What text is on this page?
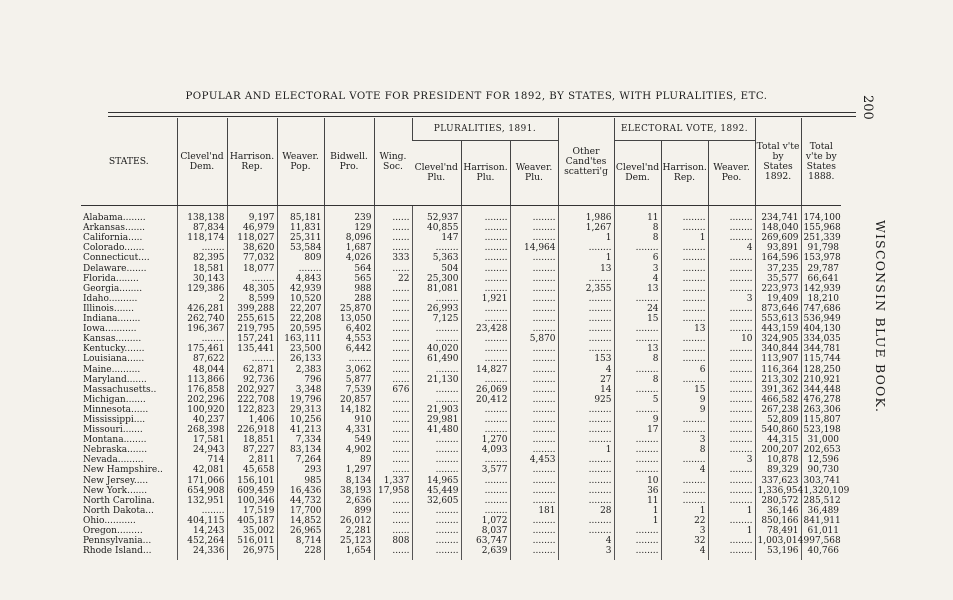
POPULAR AND ELECTORAL VOTE FOR PRESIDENT FOR 1892, BY STATES, WITH PLURALITIES, ETC.	200
WISCONSIN BLUE BOOK.
STATES.	Clevel'nd Dem.	Harrison. Rep.	Weaver. Pop.	Bidwell. Pro.	Wing. Soc.	PLURALITIES, 1891.			Other Cand'tes scatteri'g	ELECTORAL VOTE, 1892.			Total v'te by States 1892.	Total v'te by States 1888.
						Clevel'nd Plu.	Harrison. Plu.	Weaver. Plu.		Clevel'nd Dem.	Harrison. Rep.	Weaver. Peo.		
Alabama........	138,138	9,197	85,181	239	......	52,937	........	........	1,986	11	........	........	234,741	174,100
Arkansas.......	87,834	46,979	11,831	129	......	40,855	........	........	1,267	8	........	........	148,040	155,968
California.....	118,174	118,027	25,311	8,096	......	147	........	........	1	8	1	........	269,609	251,339
Colorado.......	........	38,620	53,584	1,687	......	........	........	14,964	........	........	........	4	93,891	91,798
Connecticut....	82,395	77,032	809	4,026	333	5,363	........	........	1	6	........	........	164,596	153,978
Delaware.......	18,581	18,077	........	564	......	504	........	........	13	3	........	........	37,235	29,787
Florida........	30,143	........	4,843	565	22	25,300	........	........	........	4	........	........	35,577	66,641
Georgia........	129,386	48,305	42,939	988	......	81,081	........	........	2,355	13	........	........	223,973	142,939
Idaho..........	2	8,599	10,520	288	......	........	1,921	........	........	........	........	3	19,409	18,210
Illinois.......	426,281	399,288	22,207	25,870	......	26,993	........	........	........	24	........	........	873,646	747,686
Indiana........	262,740	255,615	22,208	13,050	......	7,125	........	........	........	15	........	........	553,613	536,949
Iowa...........	196,367	219,795	20,595	6,402	......	........	23,428	........	........	........	13	........	443,159	404,130
Kansas.........	........	157,241	163,111	4,553	......	........	........	5,870	........	........	........	10	324,905	334,035
Kentucky.......	175,461	135,441	23,500	6,442	......	40,020	........	........	........	13	........	........	340,844	344,781
Louisiana......	87,622	........	26,133	........	......	61,490	........	........	153	8	........	........	113,907	115,744
Maine..........	48,044	62,871	2,383	3,062	......	........	14,827	........	4	........	6	........	116,364	128,250
Maryland.......	113,866	92,736	796	5,877	......	21,130	........	........	27	8	........	........	213,302	210,921
Massachusetts..	176,858	202,927	3,348	7,539	676	........	26,069	........	14	........	15	........	391,362	344,448
Michigan.......	202,296	222,708	19,796	20,857	......	........	20,412	........	925	5	9	........	466,582	476,278
Minnesota......	100,920	122,823	29,313	14,182	......	21,903	........	........	........	........	9	........	267,238	263,306
Mississippi....	40,237	1,406	10,256	910	......	29,981	........	........	........	9	........	........	52,809	115,807
Missouri.......	268,398	226,918	41,213	4,331	......	41,480	........	........	........	17	........	........	540,860	523,198
Montana........	17,581	18,851	7,334	549	......	........	1,270	........	........	........	3	........	44,315	31,000
Nebraska.......	24,943	87,227	83,134	4,902	......	........	4,093	........	1	........	8	........	200,207	202,653
Nevada.........	714	2,811	7,264	89	......	........	........	4,453	........	........	........	3	10,878	12,596
New Hampshire..	42,081	45,658	293	1,297	......	........	3,577	........	........	........	4	........	89,329	90,730
New Jersey.....	171,066	156,101	985	8,134	1,337	14,965	........	........	........	10	........	........	337,623	303,741
New York.......	654,908	609,459	16,436	38,193	17,958	45,449	........	........	........	36	........	........	1,336,954	1,320,109
North Carolina.	132,951	100,346	44,732	2,636	......	32,605	........	........	........	11	........	........	280,572	285,512
North Dakota...	........	17,519	17,700	899	......	........	........	181	28	1	1	1	36,146	36,489
Ohio...........	404,115	405,187	14,852	26,012	......	........	1,072	........	........	1	22	........	850,166	841,911
Oregon.........	14,243	35,002	26,965	2,281	......	........	8,037	........	........	........	3	1	78,491	61,011
Pennsylvania...	452,264	516,011	8,714	25,123	808	........	63,747	........	4	........	32	........	1,003,014	997,568
Rhode Island...	24,336	26,975	228	1,654	......	........	2,639	........	3	........	4	........	53,196	40,766
